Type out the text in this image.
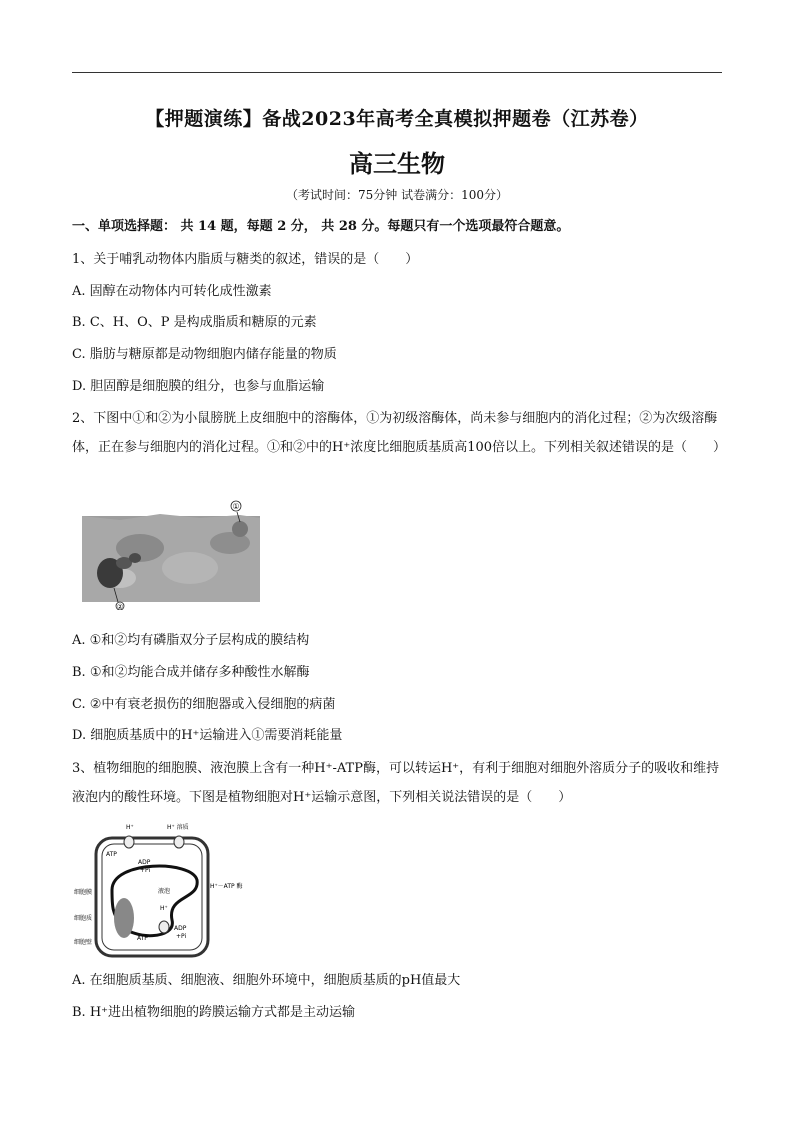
【押题演练】备战2023年高考全真模拟押题卷（江苏卷）
高三生物
（考试时间：75分钟 试卷满分：100分）
一、单项选择题： 共 14 题，每题 2 分， 共 28 分。每题只有一个选项最符合题意。
1、关于哺乳动物体内脂质与糖类的叙述，错误的是（　　）
A. 固醇在动物体内可转化成性激素
B. C、H、O、P 是构成脂质和糖原的元素
C. 脂肪与糖原都是动物细胞内储存能量的物质
D. 胆固醇是细胞膜的组分，也参与血脂运输
2、下图中①和②为小鼠膀胱上皮细胞中的溶酶体，①为初级溶酶体，尚未参与细胞内的消化过程；②为次级溶酶体，正在参与细胞内的消化过程。①和②中的H⁺浓度比细胞质基质高100倍以上。下列相关叙述错误的是（　　）
①
②
A. ①和②均有磷脂双分子层构成的膜结构
B. ①和②均能合成并储存多种酸性水解酶
C. ②中有衰老损伤的细胞器或入侵细胞的病菌
D. 细胞质基质中的H⁺运输进入①需要消耗能量
3、植物细胞的细胞膜、液泡膜上含有一种H⁺-ATP酶，可以转运H⁺，有利于细胞对细胞外溶质分子的吸收和维持液泡内的酸性环境。下图是植物细胞对H⁺运输示意图，下列相关说法错误的是（　　）
H⁺	H⁺ 溶质
ATP
ADP
+Pi
液泡
H⁺
H⁺－ATP 酶
ADP
+Pi
ATP
细胞膜
细胞质
细胞壁
A. 在细胞质基质、细胞液、细胞外环境中，细胞质基质的pH值最大
B. H⁺进出植物细胞的跨膜运输方式都是主动运输
